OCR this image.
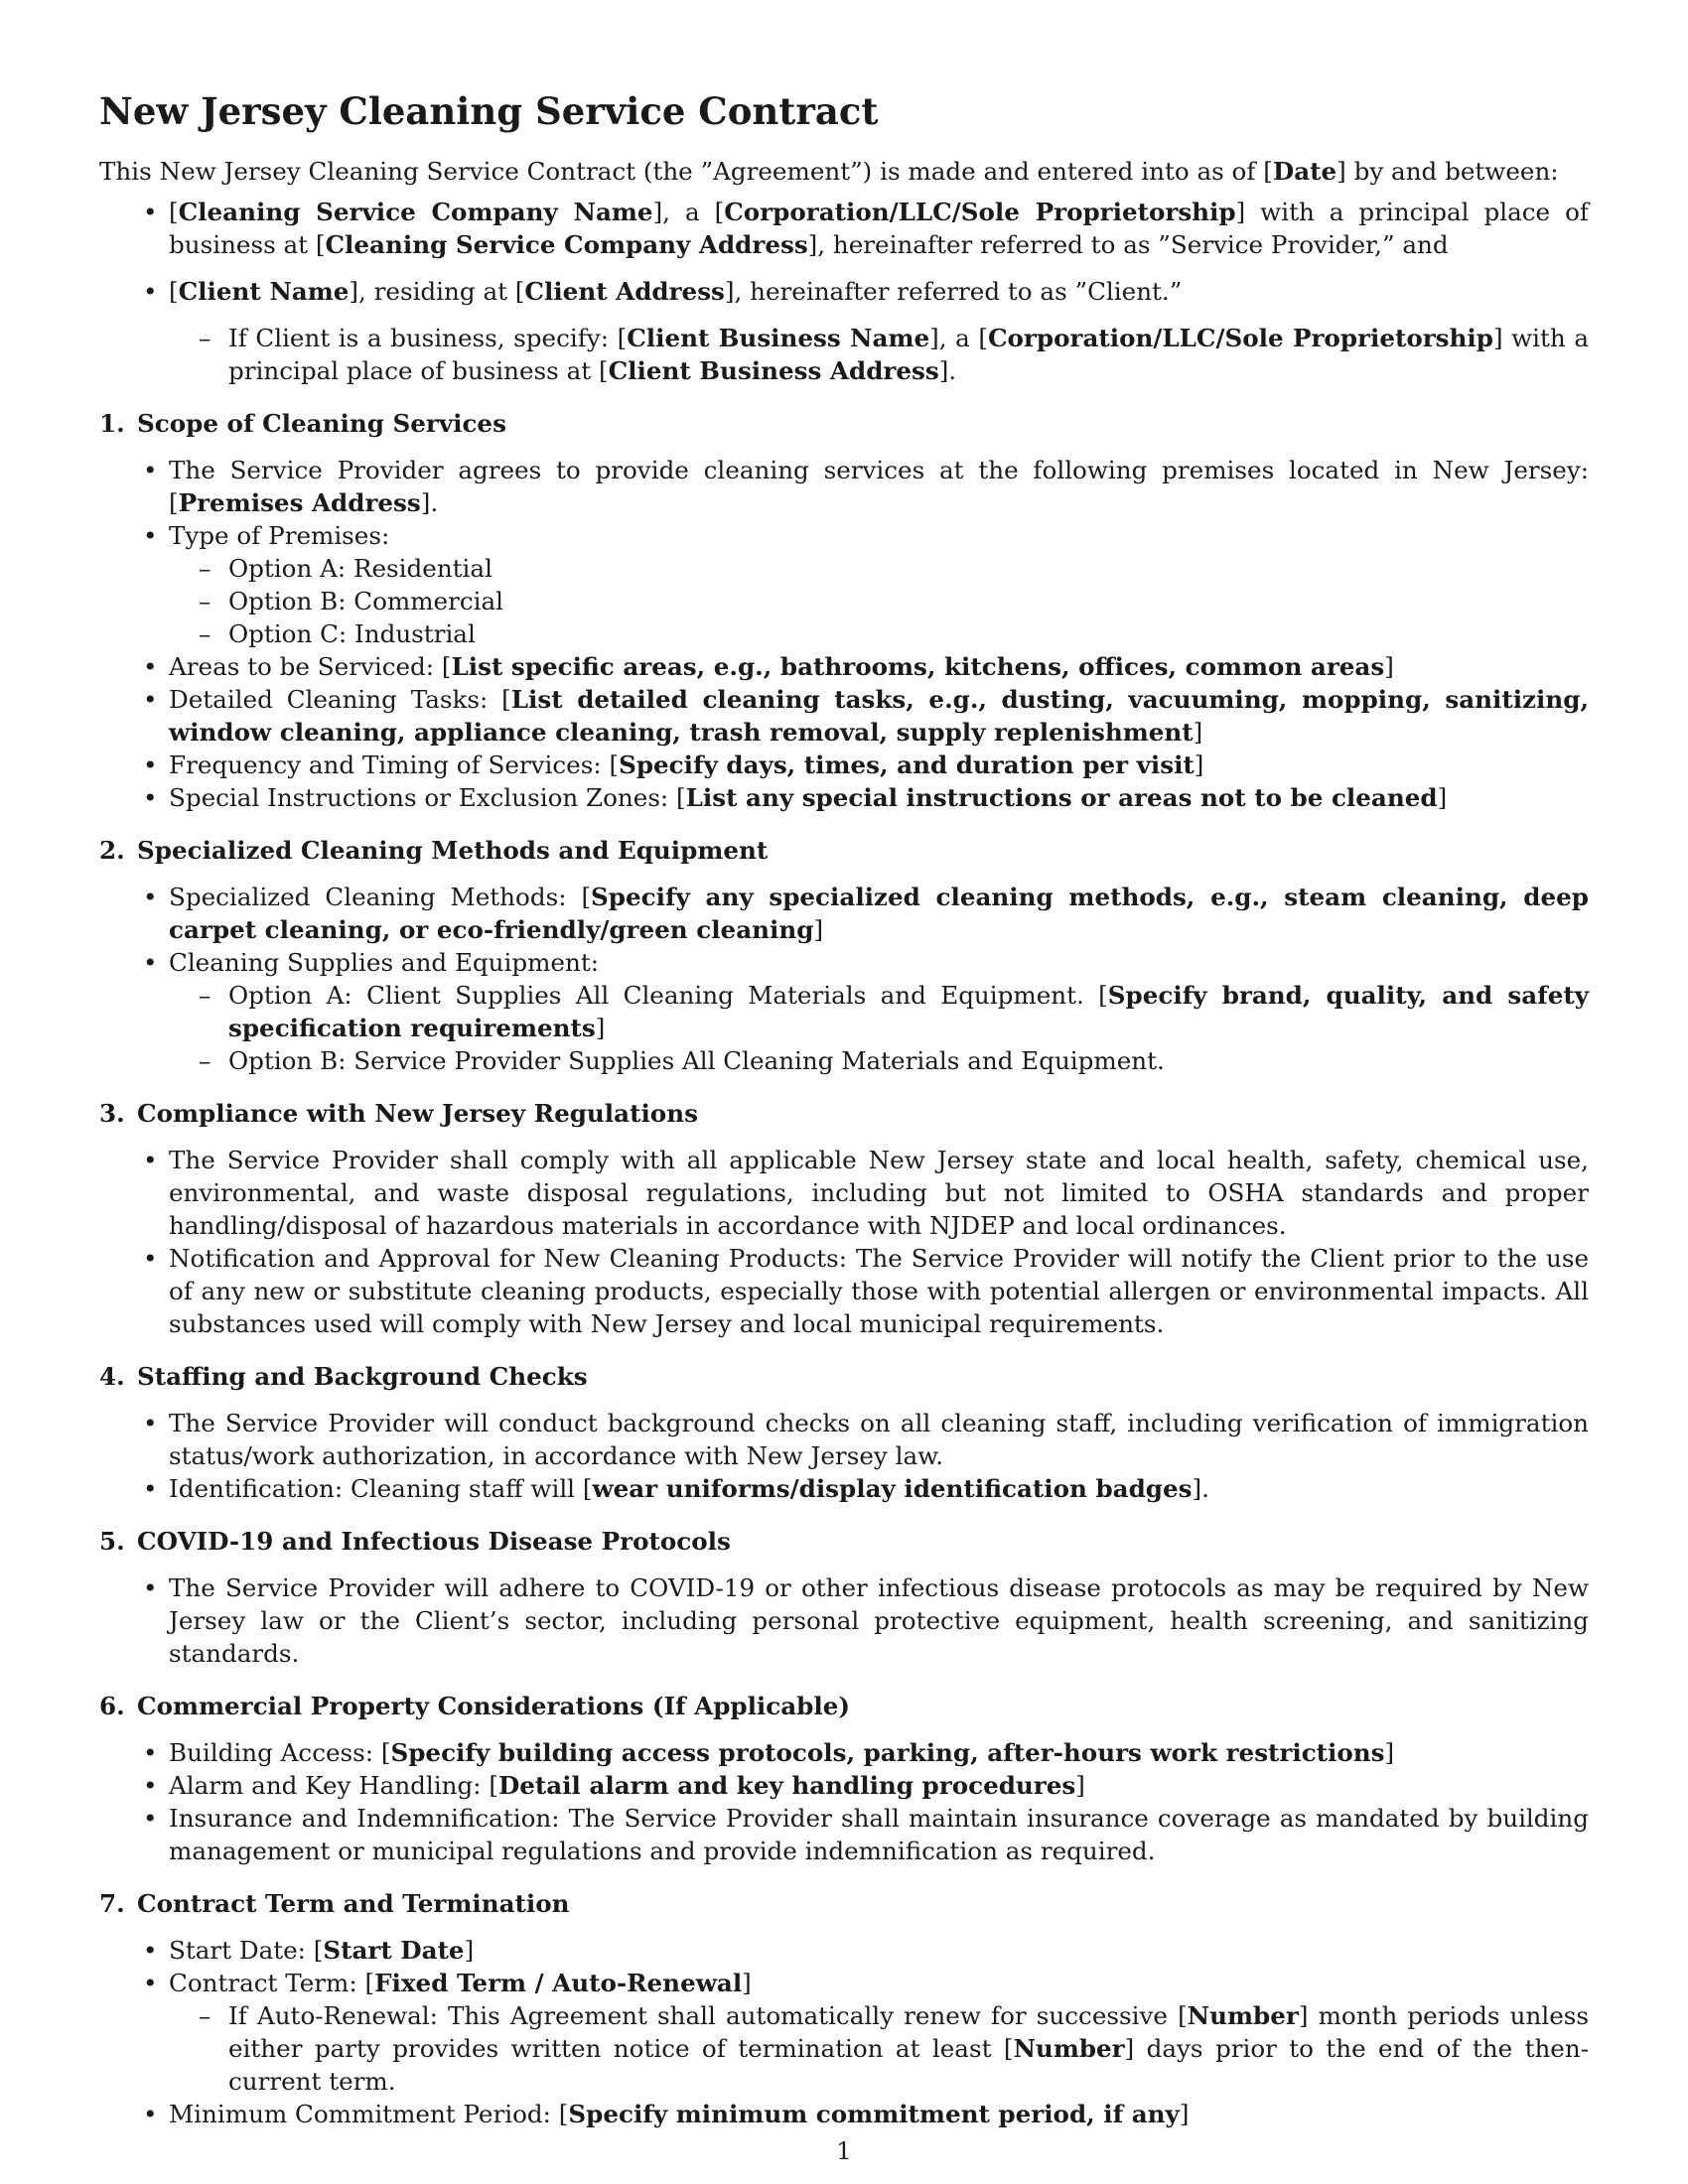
New Jersey Cleaning Service Contract

This New Jersey Cleaning Service Contract (the ”Agreement”) is made and entered into as of [Date] by and between:

• [Cleaning Service Company Name], a [Corporation/LLC/Sole Proprietorship] with a principal place of business at [Cleaning Service Company Address], hereinafter referred to as ”Service Provider,” and
• [Client Name], residing at [Client Address], hereinafter referred to as ”Client.”
– If Client is a business, specify: [Client Business Name], a [Corporation/LLC/Sole Proprietorship] with a principal place of business at [Client Business Address].
1. Scope of Cleaning Services
• The Service Provider agrees to provide cleaning services at the following premises located in New Jersey: [Premises Address].
• Type of Premises:
– Option A: Residential
– Option B: Commercial
– Option C: Industrial
• Areas to be Serviced: [List specific areas, e.g., bathrooms, kitchens, offices, common areas]
• Detailed Cleaning Tasks: [List detailed cleaning tasks, e.g., dusting, vacuuming, mopping, sanitizing, window cleaning, appliance cleaning, trash removal, supply replenishment]
• Frequency and Timing of Services: [Specify days, times, and duration per visit]
• Special Instructions or Exclusion Zones: [List any special instructions or areas not to be cleaned]
2. Specialized Cleaning Methods and Equipment
• Specialized Cleaning Methods: [Specify any specialized cleaning methods, e.g., steam cleaning, deep carpet cleaning, or eco-friendly/green cleaning]
• Cleaning Supplies and Equipment:
– Option A: Client Supplies All Cleaning Materials and Equipment. [Specify brand, quality, and safety specification requirements]
– Option B: Service Provider Supplies All Cleaning Materials and Equipment.
3. Compliance with New Jersey Regulations
• The Service Provider shall comply with all applicable New Jersey state and local health, safety, chemical use, environmental, and waste disposal regulations, including but not limited to OSHA standards and proper handling/disposal of hazardous materials in accordance with NJDEP and local ordinances.
• Notification and Approval for New Cleaning Products: The Service Provider will notify the Client prior to the use of any new or substitute cleaning products, especially those with potential allergen or environmental impacts. All substances used will comply with New Jersey and local municipal requirements.
4. Staffing and Background Checks
• The Service Provider will conduct background checks on all cleaning staff, including verification of immigration status/work authorization, in accordance with New Jersey law.
• Identification: Cleaning staff will [wear uniforms/display identification badges].
5. COVID-19 and Infectious Disease Protocols
• The Service Provider will adhere to COVID-19 or other infectious disease protocols as may be required by New Jersey law or the Client’s sector, including personal protective equipment, health screening, and sanitizing standards.
6. Commercial Property Considerations (If Applicable)
• Building Access: [Specify building access protocols, parking, after-hours work restrictions]
• Alarm and Key Handling: [Detail alarm and key handling procedures]
• Insurance and Indemnification: The Service Provider shall maintain insurance coverage as mandated by building management or municipal regulations and provide indemnification as required.
7. Contract Term and Termination
• Start Date: [Start Date]
• Contract Term: [Fixed Term / Auto-Renewal]
– If Auto-Renewal: This Agreement shall automatically renew for successive [Number] month periods unless either party provides written notice of termination at least [Number] days prior to the end of the then-current term.
• Minimum Commitment Period: [Specify minimum commitment period, if any]
1
